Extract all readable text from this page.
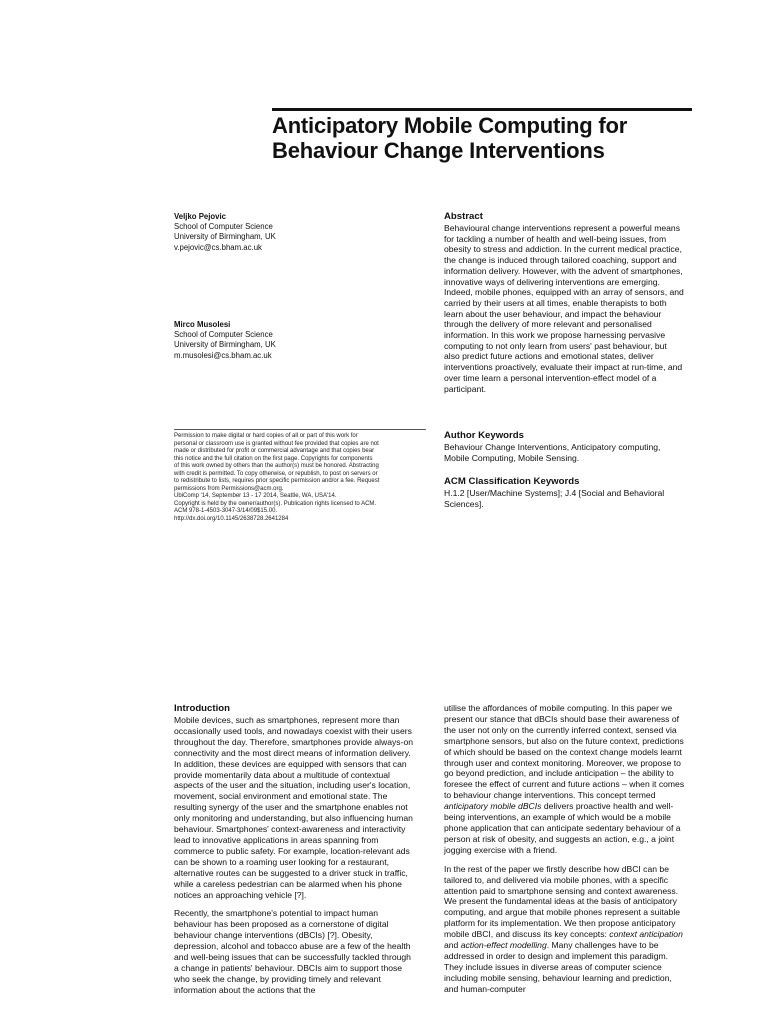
Anticipatory Mobile Computing for
Behaviour Change Interventions
Veljko Pejovic
School of Computer Science
University of Birmingham, UK
v.pejovic@cs.bham.ac.uk
Mirco Musolesi
School of Computer Science
University of Birmingham, UK
m.musolesi@cs.bham.ac.uk
Permission to make digital or hard copies of all or part of this work for
personal or classroom use is granted without fee provided that copies are not
made or distributed for profit or commercial advantage and that copies bear
this notice and the full citation on the first page. Copyrights for components
of this work owned by others than the author(s) must be honored. Abstracting
with credit is permitted. To copy otherwise, or republish, to post on servers or
to redistribute to lists, requires prior specific permission and/or a fee. Request
permissions from Permissions@acm.org.
UbiComp '14, September 13 - 17 2014, Seattle, WA, USA'14.
Copyright is held by the owner/author(s). Publication rights licensed to ACM.
ACM 978-1-4503-3047-3/14/09$15.00.
http://dx.doi.org/10.1145/2638728.2641284
Abstract

Behavioural change interventions represent a powerful means for tackling a number of health and well-being issues, from obesity to stress and addiction. In the current medical practice, the change is induced through tailored coaching, support and information delivery. However, with the advent of smartphones, innovative ways of delivering interventions are emerging. Indeed, mobile phones, equipped with an array of sensors, and carried by their users at all times, enable therapists to both learn about the user behaviour, and impact the behaviour through the delivery of more relevant and personalised information. In this work we propose harnessing pervasive computing to not only learn from users' past behaviour, but also predict future actions and emotional states, deliver interventions proactively, evaluate their impact at run-time, and over time learn a personal intervention-effect model of a participant.

Author Keywords

Behaviour Change Interventions, Anticipatory computing, Mobile Computing, Mobile Sensing.

ACM Classification Keywords

H.1.2 [User/Machine Systems]; J.4 [Social and Behavioral Sciences].

Introduction

Mobile devices, such as smartphones, represent more than occasionally used tools, and nowadays coexist with their users throughout the day. Therefore, smartphones provide always-on connectivity and the most direct means of information delivery. In addition, these devices are equipped with sensors that can provide momentarily data about a multitude of contextual aspects of the user and the situation, including user's location, movement, social environment and emotional state. The resulting synergy of the user and the smartphone enables not only monitoring and understanding, but also influencing human behaviour. Smartphones' context-awareness and interactivity lead to innovative applications in areas spanning from commerce to public safety. For example, location-relevant ads can be shown to a roaming user looking for a restaurant, alternative routes can be suggested to a driver stuck in traffic, while a careless pedestrian can be alarmed when his phone notices an approaching vehicle [?].

Recently, the smartphone's potential to impact human behaviour has been proposed as a cornerstone of digital behaviour change interventions (dBCIs) [?]. Obesity, depression, alcohol and tobacco abuse are a few of the health and well-being issues that can be successfully tackled through a change in patients' behaviour. DBCIs aim to support those who seek the change, by providing timely and relevant information about the actions that the

utilise the affordances of mobile computing. In this paper we present our stance that dBCIs should base their awareness of the user not only on the currently inferred context, sensed via smartphone sensors, but also on the future context, predictions of which should be based on the context change models learnt through user and context monitoring. Moreover, we propose to go beyond prediction, and include anticipation – the ability to foresee the effect of current and future actions – when it comes to behaviour change interventions. This concept termed anticipatory mobile dBCIs delivers proactive health and well-being interventions, an example of which would be a mobile phone application that can anticipate sedentary behaviour of a person at risk of obesity, and suggests an action, e.g., a joint jogging exercise with a friend.

In the rest of the paper we firstly describe how dBCI can be tailored to, and delivered via mobile phones, with a specific attention paid to smartphone sensing and context awareness. We present the fundamental ideas at the basis of anticipatory computing, and argue that mobile phones represent a suitable platform for its implementation. We then propose anticipatory mobile dBCI, and discuss its key concepts: context anticipation and action-effect modelling. Many challenges have to be addressed in order to design and implement this paradigm. They include issues in diverse areas of computer science including mobile sensing, behaviour learning and prediction, and human-computer
